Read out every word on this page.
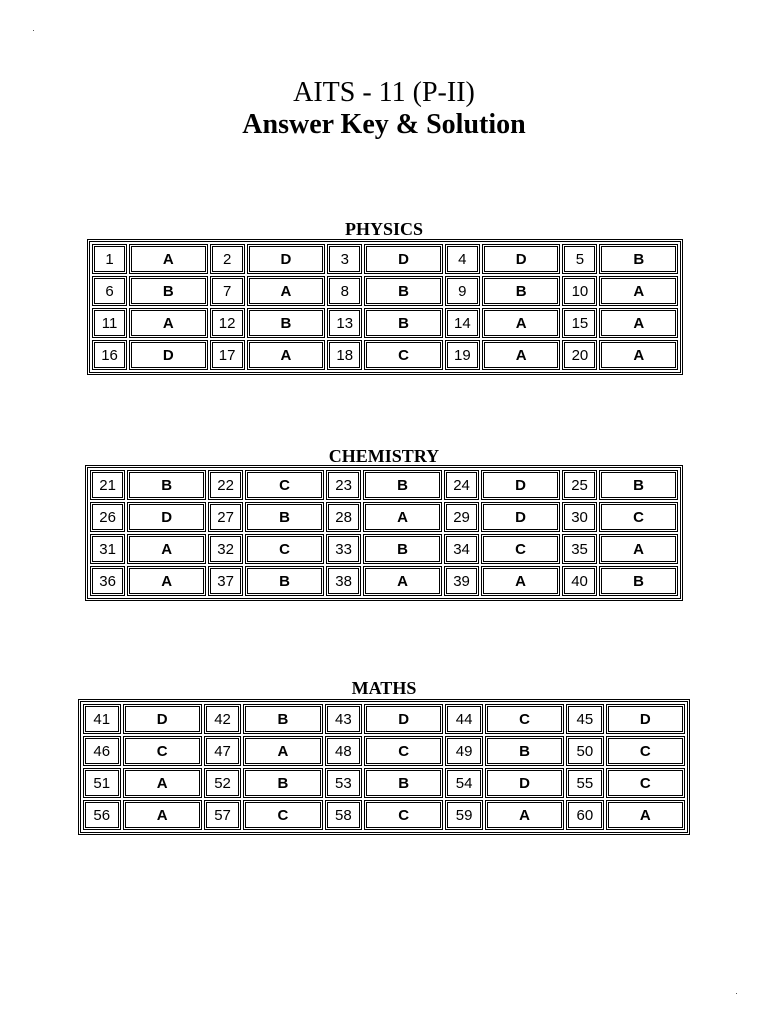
AITS - 11 (P-II)
Answer Key & Solution
PHYSICS
1	A	2	D	3	D	4	D	5	B
6	B	7	A	8	B	9	B	10	A
11	A	12	B	13	B	14	A	15	A
16	D	17	A	18	C	19	A	20	A
CHEMISTRY
21	B	22	C	23	B	24	D	25	B
26	D	27	B	28	A	29	D	30	C
31	A	32	C	33	B	34	C	35	A
36	A	37	B	38	A	39	A	40	B
MATHS
41	D	42	B	43	D	44	C	45	D
46	C	47	A	48	C	49	B	50	C
51	A	52	B	53	B	54	D	55	C
56	A	57	C	58	C	59	A	60	A
